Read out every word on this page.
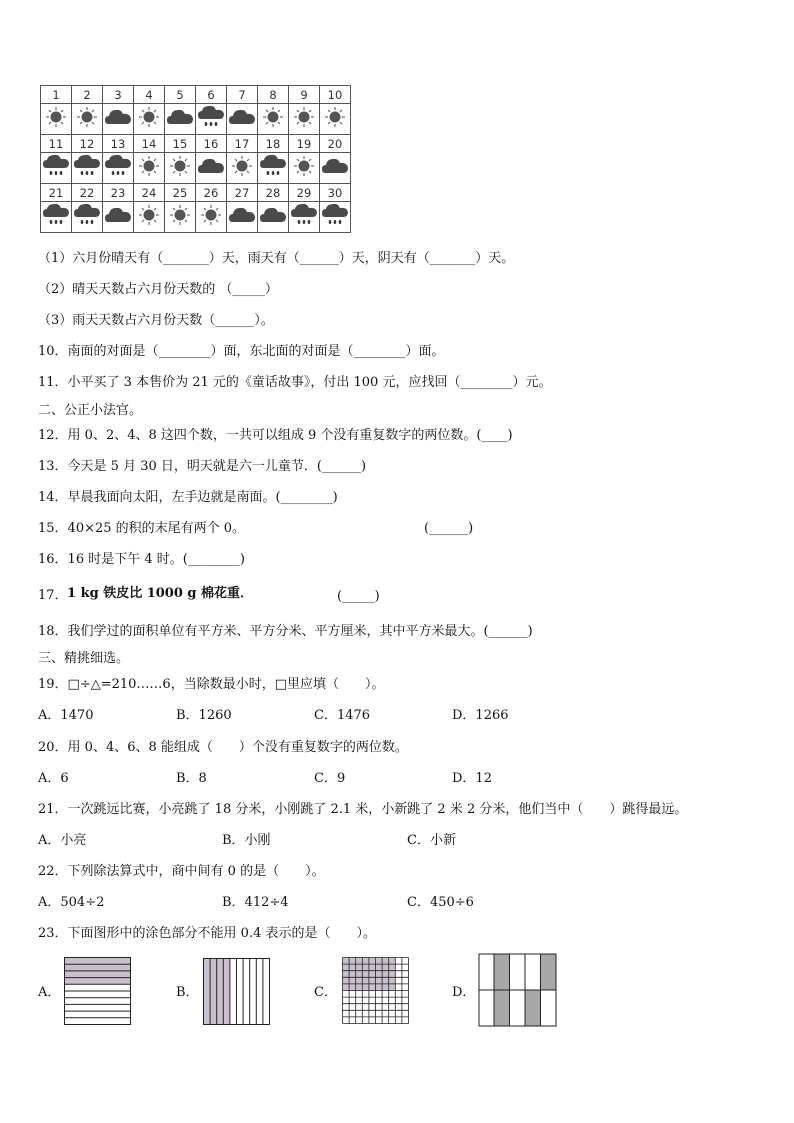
1	2	3	4	5	6	7	8	9	10

11	12	13	14	15	16	17	18	19	20

21	22	23	24	25	26	27	28	29	30

（1）六月份晴天有（_______）天，雨天有（______）天，阴天有（_______）天。
（2）晴天天数占六月份天数的 （_____）
（3）雨天天数占六月份天数（______）。
10．南面的对面是（________）面，东北面的对面是（________）面。
11．小平买了 3 本售价为 21 元的《童话故事》，付出 100 元，应找回（________）元。
二、公正小法官。
12．用 0、2、4、8 这四个数，一共可以组成 9 个没有重复数字的两位数。(____)
13．今天是 5 月 30 日，明天就是六一儿童节．(______)
14．早晨我面向太阳，左手边就是南面。(________)
15．40×25 的积的末尾有两个 0。	(______)
16．16 时是下午 4 时。(________)
17． 1 kg 铁皮比 1000 g 棉花重．	(_____)
18．我们学过的面积单位有平方米、平方分米、平方厘米，其中平方米最大。(______)
三、精挑细选。
19．□÷△=210……6，当除数最小时，□里应填（　　）。
A．1470	B．1260	C．1476	D．1266
20．用 0、4、6、8 能组成（　　）个没有重复数字的两位数。
A．6	B．8	C．9	D．12
21．一次跳远比赛，小亮跳了 18 分米，小刚跳了 2.1 米，小新跳了 2 米 2 分米，他们当中（　　）跳得最远。
A．小亮	B．小刚	C．小新
22．下列除法算式中，商中间有 0 的是（　　）。
A．504÷2	B．412÷4	C．450÷6
23．下面图形中的涂色部分不能用 0.4 表示的是（　　）。
A．	B．	C．	D．
